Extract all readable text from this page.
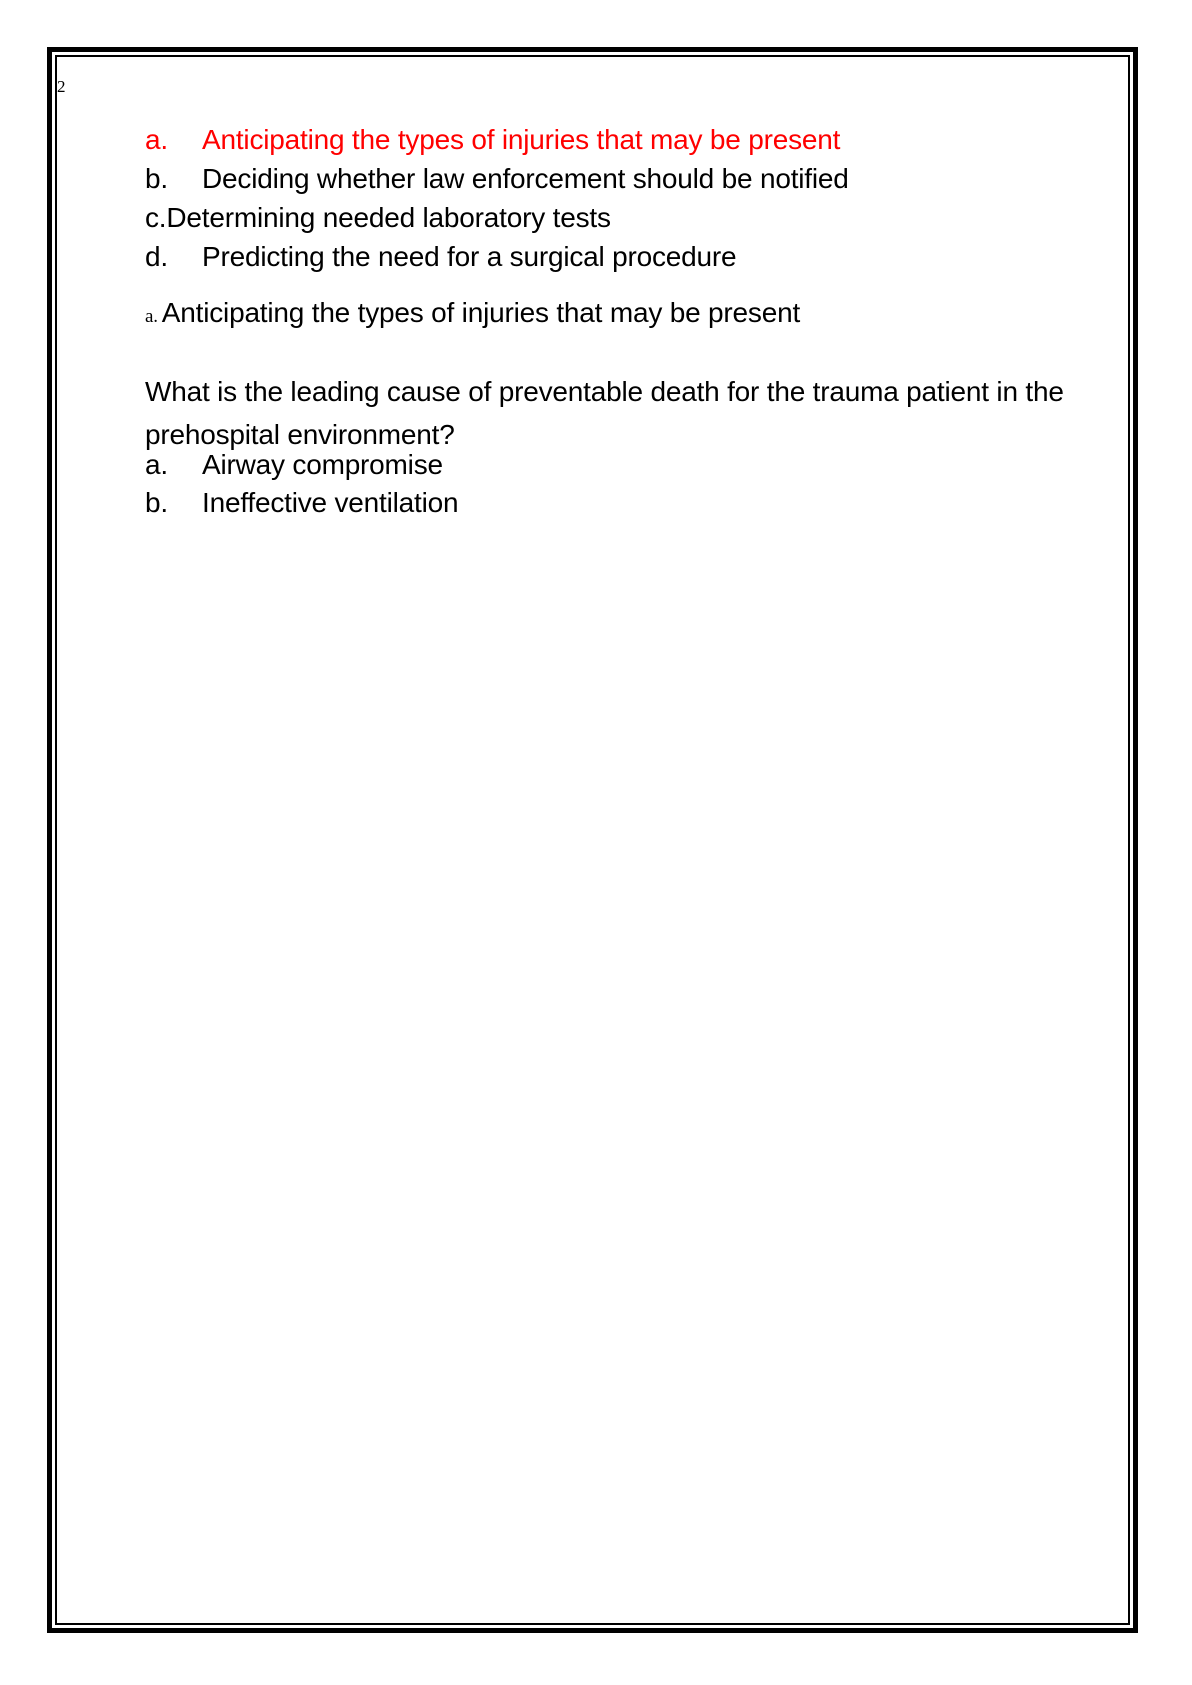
2
a. Anticipating the types of injuries that may be present
b. Deciding whether law enforcement should be notified
c.Determining needed laboratory tests
d. Predicting the need for a surgical procedure
a. Anticipating the types of injuries that may be present
What is the leading cause of preventable death for the trauma patient in the prehospital environment?
a. Airway compromise
b. Ineffective ventilation
